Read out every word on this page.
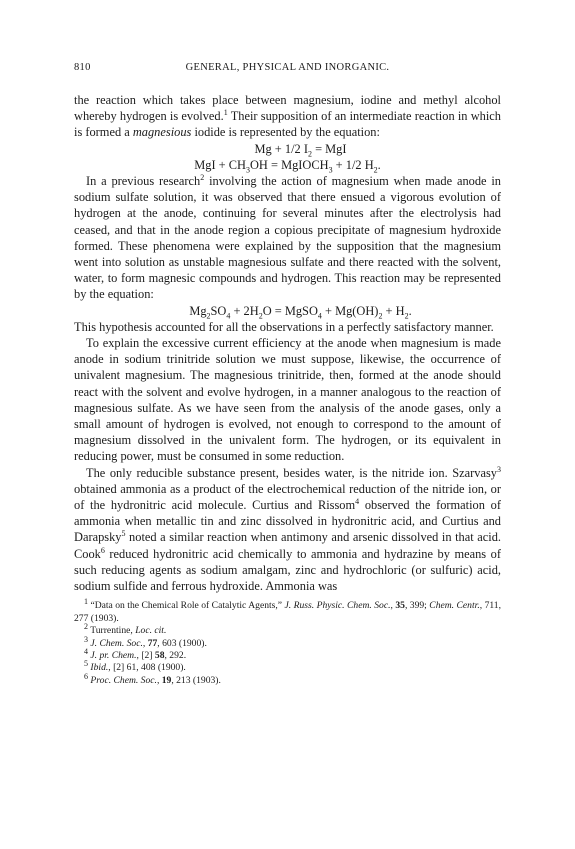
810	GENERAL, PHYSICAL AND INORGANIC.

the reaction which takes place between magnesium, iodine and methyl alcohol whereby hydrogen is evolved.$^1$ Their supposition of an intermediate reaction in which is formed a magnesious iodide is represented by the equation:

Mg + 1/2 $I_2$ = MgI
MgI + $CH_3OH$ = MgIOCH$_3$ + 1/2 $H_2$.

In a previous research$^2$ involving the action of magnesium when made anode in sodium sulfate solution, it was observed that there ensued a vigorous evolution of hydrogen at the anode, continuing for several minutes after the electrolysis had ceased, and that in the anode region a copious precipitate of magnesium hydroxide formed. These phenomena were explained by the supposition that the magnesium went into solution as unstable magnesious sulfate and there reacted with the solvent, water, to form magnesic compounds and hydrogen. This reaction may be represented by the equation:

$Mg_2SO_4 + 2H_2O$ = MgSO$_4$ + $Mg(OH)_2 + H_2$.

This hypothesis accounted for all the observations in a perfectly satisfactory manner.

To explain the excessive current efficiency at the anode when magnesium is made anode in sodium trinitride solution we must suppose, likewise, the occurrence of univalent magnesium. The magnesious trinitride, then, formed at the anode should react with the solvent and evolve hydrogen, in a manner analogous to the reaction of magnesious sulfate. As we have seen from the analysis of the anode gases, only a small amount of hydrogen is evolved, not enough to correspond to the amount of magnesium dissolved in the univalent form. The hydrogen, or its equivalent in reducing power, must be consumed in some reduction.

The only reducible substance present, besides water, is the nitride ion. Szarvasy$^3$ obtained ammonia as a product of the electrochemical reduction of the nitride ion, or of the hydronitric acid molecule. Curtius and Rissom$^4$ observed the formation of ammonia when metallic tin and zinc dissolved in hydronitric acid, and Curtius and Darapsky$^5$ noted a similar reaction when antimony and arsenic dissolved in that acid. Cook$^6$ reduced hydronitric acid chemically to ammonia and hydrazine by means of such reducing agents as sodium amalgam, zinc and hydrochloric (or sulfuric) acid, sodium sulfide and ferrous hydroxide. Ammonia was

$^1$ “Data on the Chemical Role of Catalytic Agents,” J. Russ. Physic. Chem. Soc., 35, 399; Chem. Centr., 711, 277 (1903).

$^2$ Turrentine, Loc. cit.

$^3$ J. Chem. Soc., 77, 603 (1900).

$^4$ J. pr. Chem., [2] 58, 292.

$^5$ Ibid., [2] 61, 408 (1900).

$^6$ Proc. Chem. Soc., 19, 213 (1903).
